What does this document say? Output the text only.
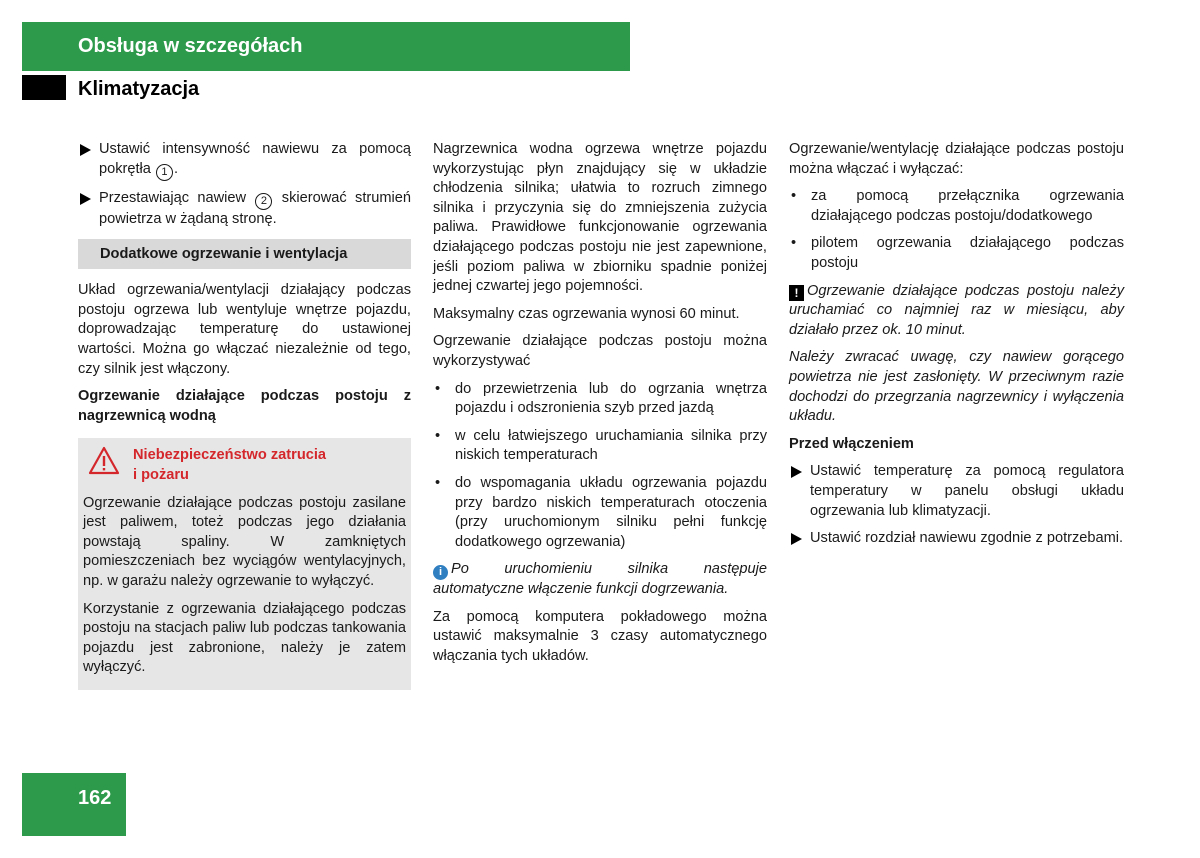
Obsługa w szczegółach
Klimatyzacja
Ustawić intensywność nawiewu za pomocą pokrętła 1 .
Przestawiając nawiew 2 skierować strumień powietrza w żądaną stronę.
Dodatkowe ogrzewanie i wentylacja

Układ ogrzewania/wentylacji działający podczas postoju ogrzewa lub wentyluje wnętrze pojazdu, doprowadzając temperaturę do ustawionej wartości. Można go włączać niezależnie od tego, czy silnik jest włączony.

Ogrzewanie działające podczas postoju z nagrzewnicą wodną

Niebezpieczeństwo zatrucia
i pożaru

Ogrzewanie działające podczas postoju zasilane jest paliwem, toteż podczas jego działania powstają spaliny. W zamkniętych pomieszczeniach bez wyciągów wentylacyjnych, np. w garażu należy ogrzewanie to wyłączyć.

Korzystanie z ogrzewania działającego podczas postoju na stacjach paliw lub podczas tankowania pojazdu jest zabronione, należy je zatem wyłączyć.

Nagrzewnica wodna ogrzewa wnętrze pojazdu wykorzystując płyn znajdujący się w układzie chłodzenia silnika; ułatwia to rozruch zimnego silnika i przyczynia się do zmniejszenia zużycia paliwa. Prawidłowe funkcjonowanie ogrzewania działającego podczas postoju nie jest zapewnione, jeśli poziom paliwa w zbiorniku spadnie poniżej jednej czwartej jego pojemności.

Maksymalny czas ogrzewania wynosi 60 minut.

Ogrzewanie działające podczas postoju można wykorzystywać

• do przewietrzenia lub do ogrzania wnętrza pojazdu i odszronienia szyb przed jazdą
• w celu łatwiejszego uruchamiania silnika przy niskich temperaturach
• do wspomagania układu ogrzewania pojazdu przy bardzo niskich temperaturach otoczenia (przy uruchomionym silniku pełni funkcję dodatkowego ogrzewania)

i Po uruchomieniu silnika następuje automatyczne włączenie funkcji dogrzewania.

Za pomocą komputera pokładowego można ustawić maksymalnie 3 czasy automatycznego włączania tych układów.

Ogrzewanie/wentylację działające podczas postoju można włączać i wyłączać:

• za pomocą przełącznika ogrzewania działającego podczas postoju/dodatkowego
• pilotem ogrzewania działającego podczas postoju

! Ogrzewanie działające podczas postoju należy uruchamiać co najmniej raz w miesiącu, aby działało przez ok. 10 minut.

Należy zwracać uwagę, czy nawiew gorącego powietrza nie jest zasłonięty. W przeciwnym razie dochodzi do przegrzania nagrzewnicy i wyłączenia układu.

Przed włączeniem

Ustawić temperaturę za pomocą regulatora temperatury w panelu obsługi układu ogrzewania lub klimatyzacji.
Ustawić rozdział nawiewu zgodnie z potrzebami.
162
